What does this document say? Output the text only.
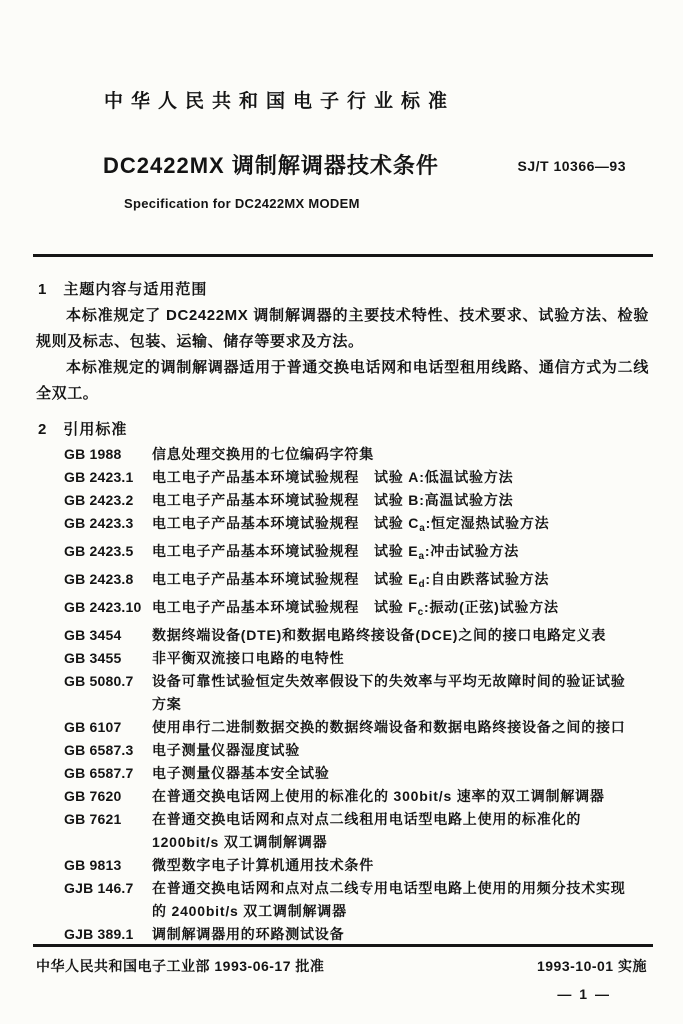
中华人民共和国电子行业标准
DC2422MX 调制解调器技术条件	SJ/T 10366—93
Specification for DC2422MX MODEM
1　主题内容与适用范围

本标准规定了 DC2422MX 调制解调器的主要技术特性、技术要求、试验方法、检验规则及标志、包装、运输、储存等要求及方法。

本标准规定的调制解调器适用于普通交换电话网和电话型租用线路、通信方式为二线全双工。

2　引用标准
GB 1988	信息处理交换用的七位编码字符集
GB 2423.1	电工电子产品基本环境试验规程　试验 A:低温试验方法
GB 2423.2	电工电子产品基本环境试验规程　试验 B:高温试验方法
GB 2423.3	电工电子产品基本环境试验规程　试验 $C_a$:恒定湿热试验方法
GB 2423.5	电工电子产品基本环境试验规程　试验 $E_a$:冲击试验方法
GB 2423.8	电工电子产品基本环境试验规程　试验 $E_d$:自由跌落试验方法
GB 2423.10 电工电子产品基本环境试验规程　试验 $F_c$:振动(正弦)试验方法
GB 3454	数据终端设备(DTE)和数据电路终接设备(DCE)之间的接口电路定义表
GB 3455	非平衡双流接口电路的电特性
GB 5080.7	设备可靠性试验恒定失效率假设下的失效率与平均无故障时间的验证试验
方案
GB 6107	使用串行二进制数据交换的数据终端设备和数据电路终接设备之间的接口
GB 6587.3	电子测量仪器湿度试验
GB 6587.7	电子测量仪器基本安全试验
GB 7620	在普通交换电话网上使用的标准化的 300bit/s 速率的双工调制解调器
GB 7621	在普通交换电话网和点对点二线租用电话型电路上使用的标准化的
1200bit/s 双工调制解调器
GB 9813	微型数字电子计算机通用技术条件
GJB 146.7	在普通交换电话网和点对点二线专用电话型电路上使用的用频分技术实现
的 2400bit/s 双工调制解调器
GJB 389.1	调制解调器用的环路测试设备
中华人民共和国电子工业部 1993-06-17 批准	1993-10-01 实施
— 1 —
